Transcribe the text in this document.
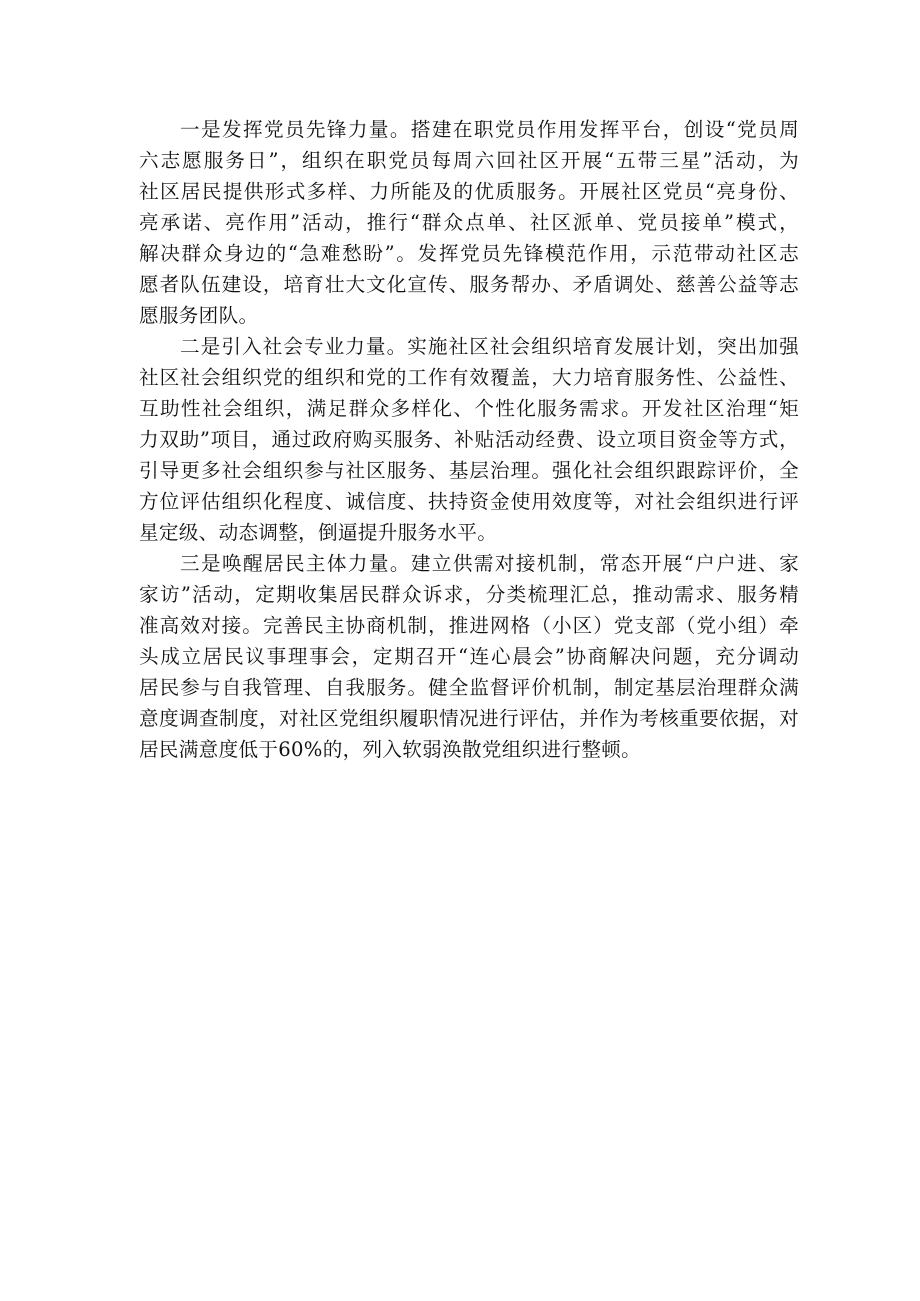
一是发挥党员先锋力量。搭建在职党员作用发挥平台，创设“党员周
六志愿服务日”，组织在职党员每周六回社区开展“五带三星”活动，为
社区居民提供形式多样、力所能及的优质服务。开展社区党员“亮身份、
亮承诺、亮作用”活动，推行“群众点单、社区派单、党员接单”模式，
解决群众身边的“急难愁盼”。发挥党员先锋模范作用，示范带动社区志
愿者队伍建设，培育壮大文化宣传、服务帮办、矛盾调处、慈善公益等志
愿服务团队。
二是引入社会专业力量。实施社区社会组织培育发展计划，突出加强
社区社会组织党的组织和党的工作有效覆盖，大力培育服务性、公益性、
互助性社会组织，满足群众多样化、个性化服务需求。开发社区治理“矩
力双助”项目，通过政府购买服务、补贴活动经费、设立项目资金等方式，
引导更多社会组织参与社区服务、基层治理。强化社会组织跟踪评价，全
方位评估组织化程度、诚信度、扶持资金使用效度等，对社会组织进行评
星定级、动态调整，倒逼提升服务水平。
三是唤醒居民主体力量。建立供需对接机制，常态开展“户户进、家
家访”活动，定期收集居民群众诉求，分类梳理汇总，推动需求、服务精
准高效对接。完善民主协商机制，推进网格（小区）党支部（党小组）牵
头成立居民议事理事会，定期召开“连心晨会”协商解决问题，充分调动
居民参与自我管理、自我服务。健全监督评价机制，制定基层治理群众满
意度调查制度，对社区党组织履职情况进行评估，并作为考核重要依据，对
居民满意度低于60%的，列入软弱涣散党组织进行整顿。
